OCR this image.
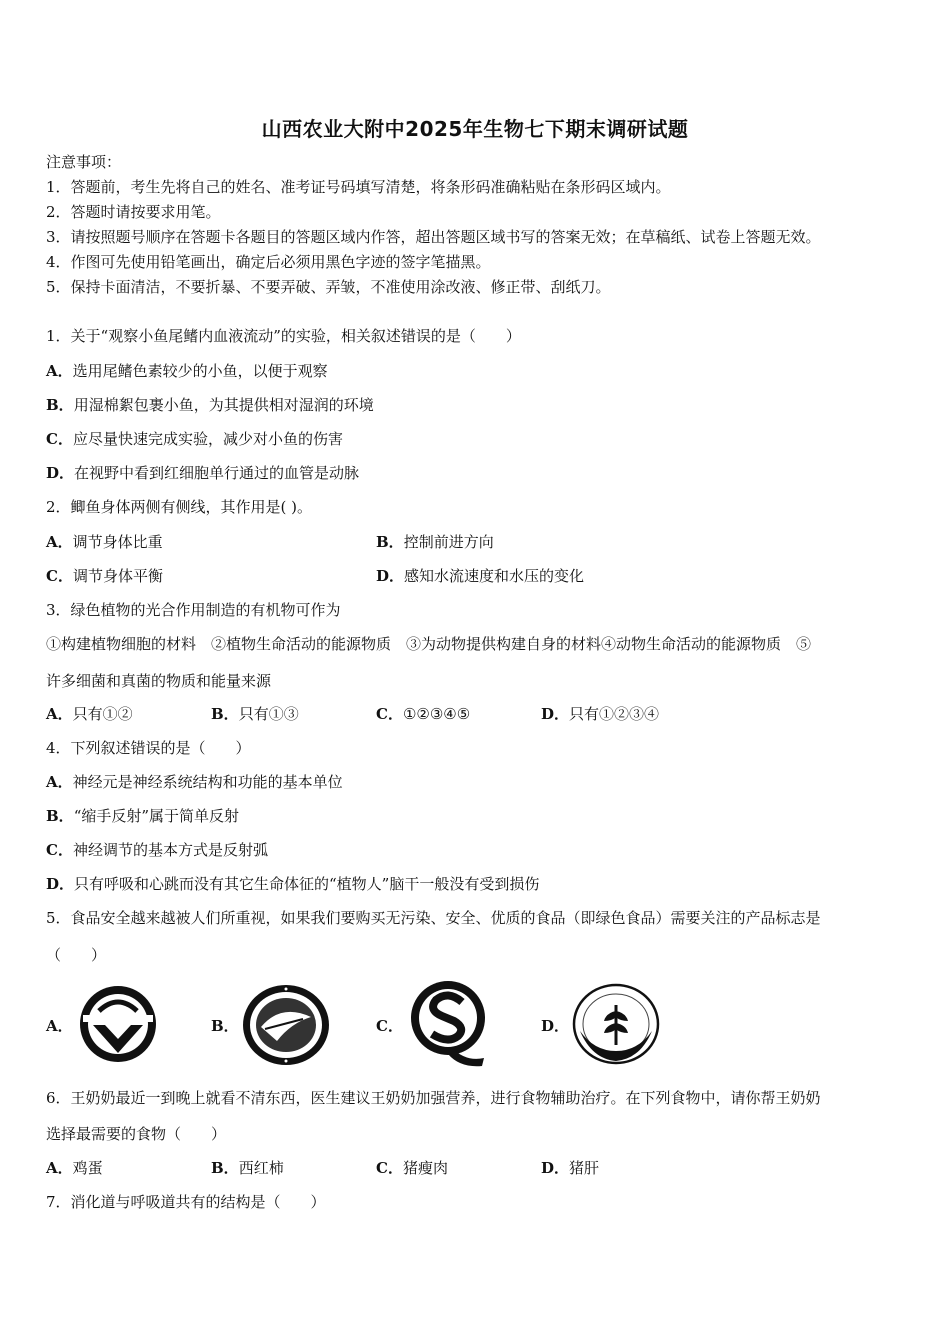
山西农业大附中2025年生物七下期末调研试题
注意事项：
1．答题前，考生先将自己的姓名、准考证号码填写清楚，将条形码准确粘贴在条形码区域内。
2．答题时请按要求用笔。
3．请按照题号顺序在答题卡各题目的答题区域内作答，超出答题区域书写的答案无效；在草稿纸、试卷上答题无效。
4．作图可先使用铅笔画出，确定后必须用黑色字迹的签字笔描黑。
5．保持卡面清洁，不要折暴、不要弄破、弄皱，不准使用涂改液、修正带、刮纸刀。
1．关于“观察小鱼尾鳍内血液流动”的实验，相关叙述错误的是（　　）
A．选用尾鳍色素较少的小鱼，以便于观察
B．用湿棉絮包裹小鱼，为其提供相对湿润的环境
C．应尽量快速完成实验，减少对小鱼的伤害
D．在视野中看到红细胞单行通过的血管是动脉
2．鲫鱼身体两侧有侧线，其作用是( )。
A．调节身体比重	B．控制前进方向
C．调节身体平衡	D．感知水流速度和水压的变化
3．绿色植物的光合作用制造的有机物可作为
①构建植物细胞的材料　②植物生命活动的能源物质　③为动物提供构建自身的材料④动物生命活动的能源物质　⑤
许多细菌和真菌的物质和能量来源
A．只有①②	B．只有①③	C．①②③④⑤	D．只有①②③④
4．下列叙述错误的是（　　）
A．神经元是神经系统结构和功能的基本单位
B．“缩手反射”属于简单反射
C．神经调节的基本方式是反射弧
D．只有呼吸和心跳而没有其它生命体征的“植物人”脑干一般没有受到损伤
5．食品安全越来越被人们所重视，如果我们要购买无污染、安全、优质的食品（即绿色食品）需要关注的产品标志是
（　　）
A．	B．	C．	D．
6．王奶奶最近一到晚上就看不清东西，医生建议王奶奶加强营养，进行食物辅助治疗。在下列食物中，请你帮王奶奶
选择最需要的食物（　　）
A．鸡蛋	B．西红柿	C．猪瘦肉	D．猪肝
7．消化道与呼吸道共有的结构是（　　）
